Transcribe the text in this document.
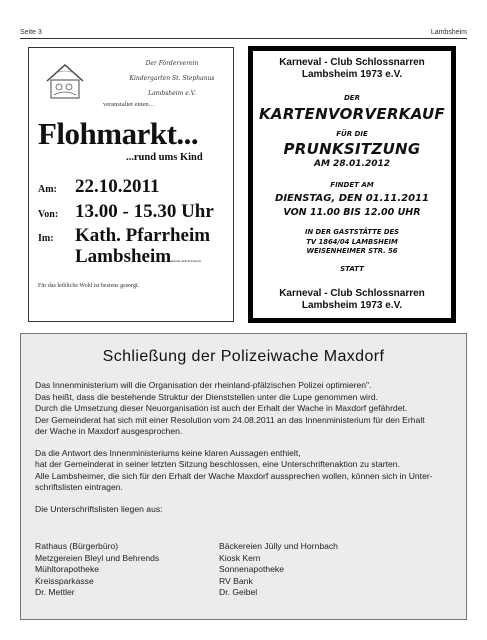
Seite 3	Lambsheim
Der Förderverein
Kindergarten St. Stephanus
Lambsheim e.V.
veranstaltet einen…
Flohmarkt...
...rund ums Kind
Am: 22.10.2011
Von: 13.00 - 15.30 Uhr
Im: Kath. Pfarrheim
Lambsheim(hinter dem Kirchen)
Für das leibliche Wohl ist bestens gesorgt.
Karneval - Club Schlossnarren
Lambsheim 1973 e.V.
DER
KARTENVORVERKAUF
FÜR DIE
PRUNKSITZUNG
AM 28.01.2012
FINDET AM
DIENSTAG, DEN 01.11.2011
VON 11.00 BIS 12.00 UHR
IN DER GASTSTÄTTE DES
TV 1864/04 LAMBSHEIM
WEISENHEIMER STR. 56
STATT
Karneval - Club Schlossnarren
Lambsheim 1973 e.V.
Schließung der Polizeiwache Maxdorf

Das Innenministerium will die Organisation der rheinland-pfälzischen Polizei optimieren".

Das heißt, dass die bestehende Struktur der Dienststellen unter die Lupe genommen wird.

Durch die Umsetzung dieser Neuorganisation ist auch der Erhalt der Wache in Maxdorf gefährdet.

Der Gemeinderat hat sich mit einer Resolution vom 24.08.2011 an das Innenministerium für den Erhalt

der Wache in Maxdorf ausgesprochen.

Da die Antwort des Innenministeriums keine klaren Aussagen enthielt,

hat der Gemeinderat in seiner letzten Sitzung beschlossen, eine Unterschriftenaktion zu starten.

Alle Lambsheimer, die sich für den Erhalt der Wache Maxdorf aussprechen wollen, können sich in Unter-

schriftslisten eintragen.

Die Unterschriftslisten liegen aus:

Rathaus (Bürgerbüro)
Metzgereien Bleyl und Behrends
Mühltorapotheke
Kreissparkasse
Dr. Mettler
Bäckereien Jülly und Hornbach
Kiosk Kern
Sonnenapotheke
RV Bank
Dr. Geibel
